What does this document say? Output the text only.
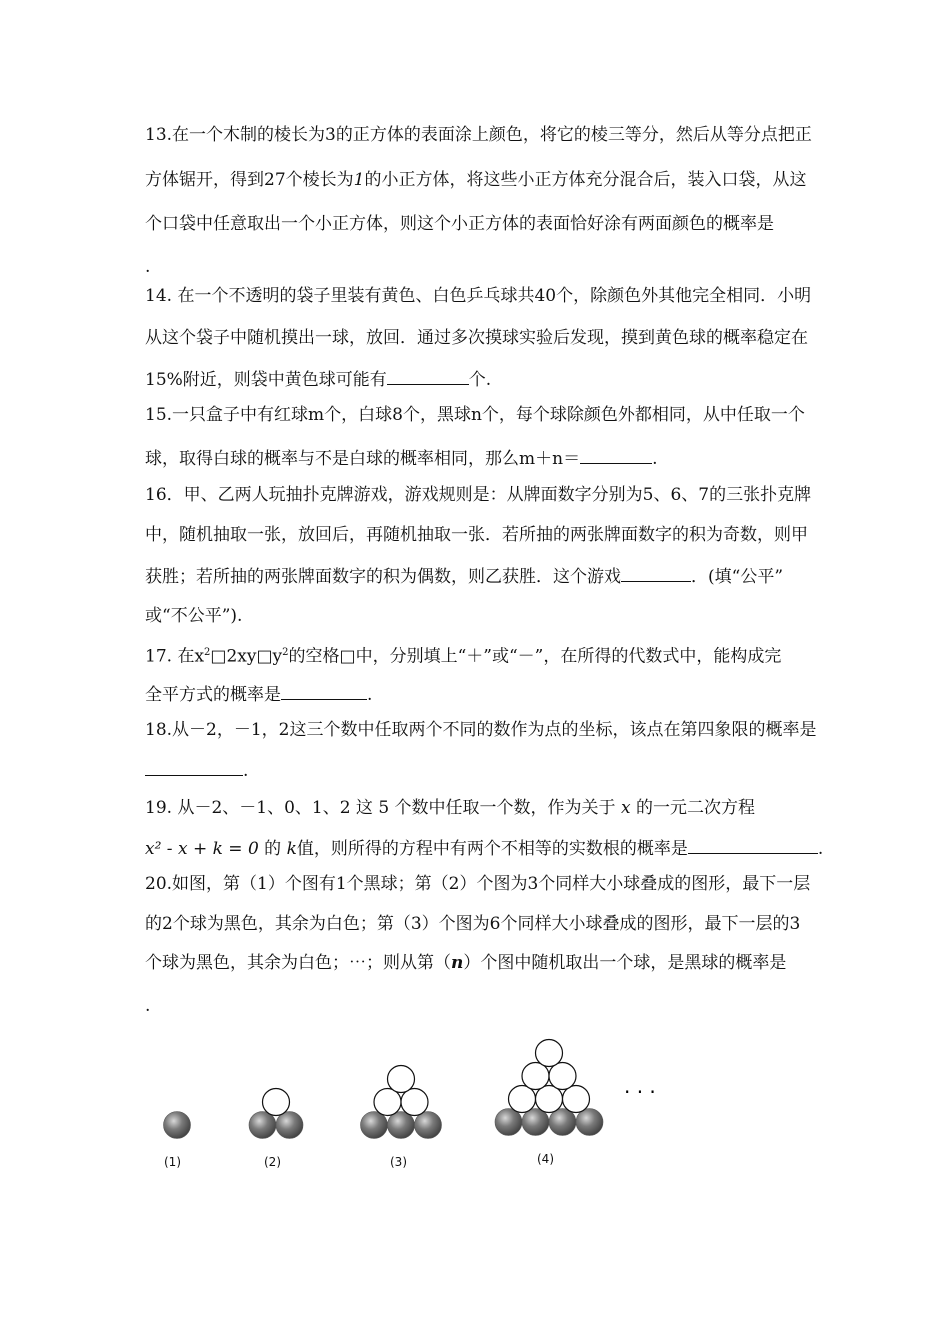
13.在一个木制的棱长为3的正方体的表面涂上颜色，将它的棱三等分，然后从等分点把正
方体锯开，得到27个棱长为1的小正方体，将这些小正方体充分混合后，装入口袋，从这
个口袋中任意取出一个小正方体，则这个小正方体的表面恰好涂有两面颜色的概率是
.
14. 在一个不透明的袋子里装有黄色、白色乒乓球共40个，除颜色外其他完全相同．小明
从这个袋子中随机摸出一球，放回．通过多次摸球实验后发现，摸到黄色球的概率稳定在
15%附近，则袋中黄色球可能有	个.
15.一只盒子中有红球m个，白球8个，黑球n个，每个球除颜色外都相同，从中任取一个
球，取得白球的概率与不是白球的概率相同，那么m＋n＝	.
16．甲、乙两人玩抽扑克牌游戏，游戏规则是：从牌面数字分别为5、6、7的三张扑克牌
中，随机抽取一张，放回后，再随机抽取一张．若所抽的两张牌面数字的积为奇数，则甲
获胜；若所抽的两张牌面数字的积为偶数，则乙获胜．这个游戏	．(填“公平”
或“不公平”).
17. 在$x^2□2xy□y^2$的空格□中，分别填上“＋”或“－”，在所得的代数式中，能构成完
全平方式的概率是	.
18.从－2，－1，2这三个数中任取两个不同的数作为点的坐标，该点在第四象限的概率是
.
19. 从－2、－1、0、1、2 这 5 个数中任取一个数，作为关于 x 的一元二次方程
x² - x + k = 0 的 k值，则所得的方程中有两个不相等的实数根的概率是	.
20.如图，第（1）个图有1个黑球；第（2）个图为3个同样大小球叠成的图形，最下一层
的2个球为黑色，其余为白色；第（3）个图为6个同样大小球叠成的图形，最下一层的3
个球为黑色，其余为白色；⋯；则从第（n）个图中随机取出一个球，是黑球的概率是
.
· · ·
(1)	(2)	(3)	(4)
